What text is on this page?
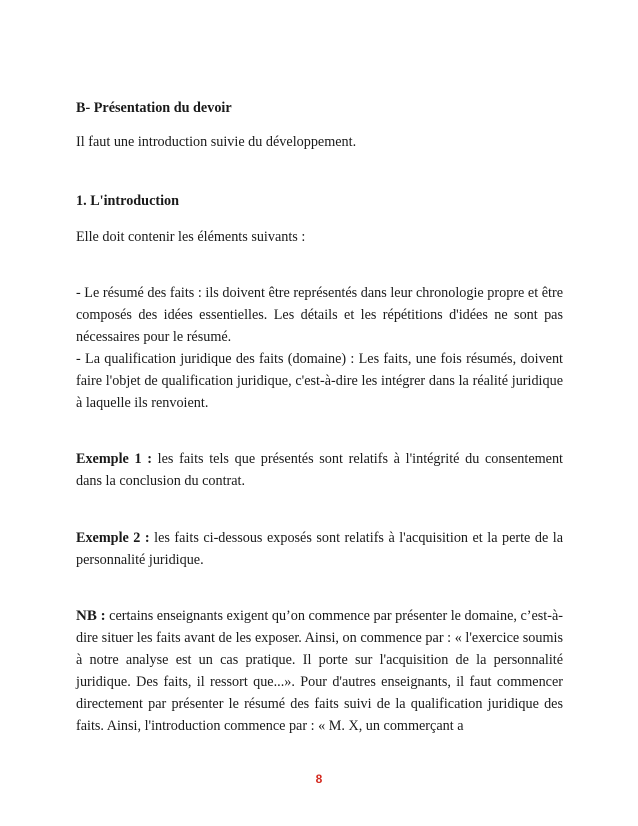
B- Présentation du devoir
Il faut une introduction suivie du développement.
1. L'introduction
Elle doit contenir les éléments suivants :

- Le résumé des faits : ils doivent être représentés dans leur chronologie propre et être composés des idées essentielles. Les détails et les répétitions d'idées ne sont pas nécessaires pour le résumé.

- La qualification juridique des faits (domaine) : Les faits, une fois résumés, doivent faire l'objet de qualification juridique, c'est-à-dire les intégrer dans la réalité juridique à laquelle ils renvoient.

Exemple 1 : les faits tels que présentés sont relatifs à l'intégrité du consentement dans la conclusion du contrat.

Exemple 2 : les faits ci-dessous exposés sont relatifs à l'acquisition et la perte de la personnalité juridique.

NB : certains enseignants exigent qu’on commence par présenter le domaine, c’est-à-dire situer les faits avant de les exposer. Ainsi, on commence par : « l'exercice soumis à notre analyse est un cas pratique. Il porte sur l'acquisition de la personnalité juridique. Des faits, il ressort que...». Pour d'autres enseignants, il faut commencer directement par présenter le résumé des faits suivi de la qualification juridique des faits. Ainsi, l'introduction commence par : « M. X, un commerçant a

8
